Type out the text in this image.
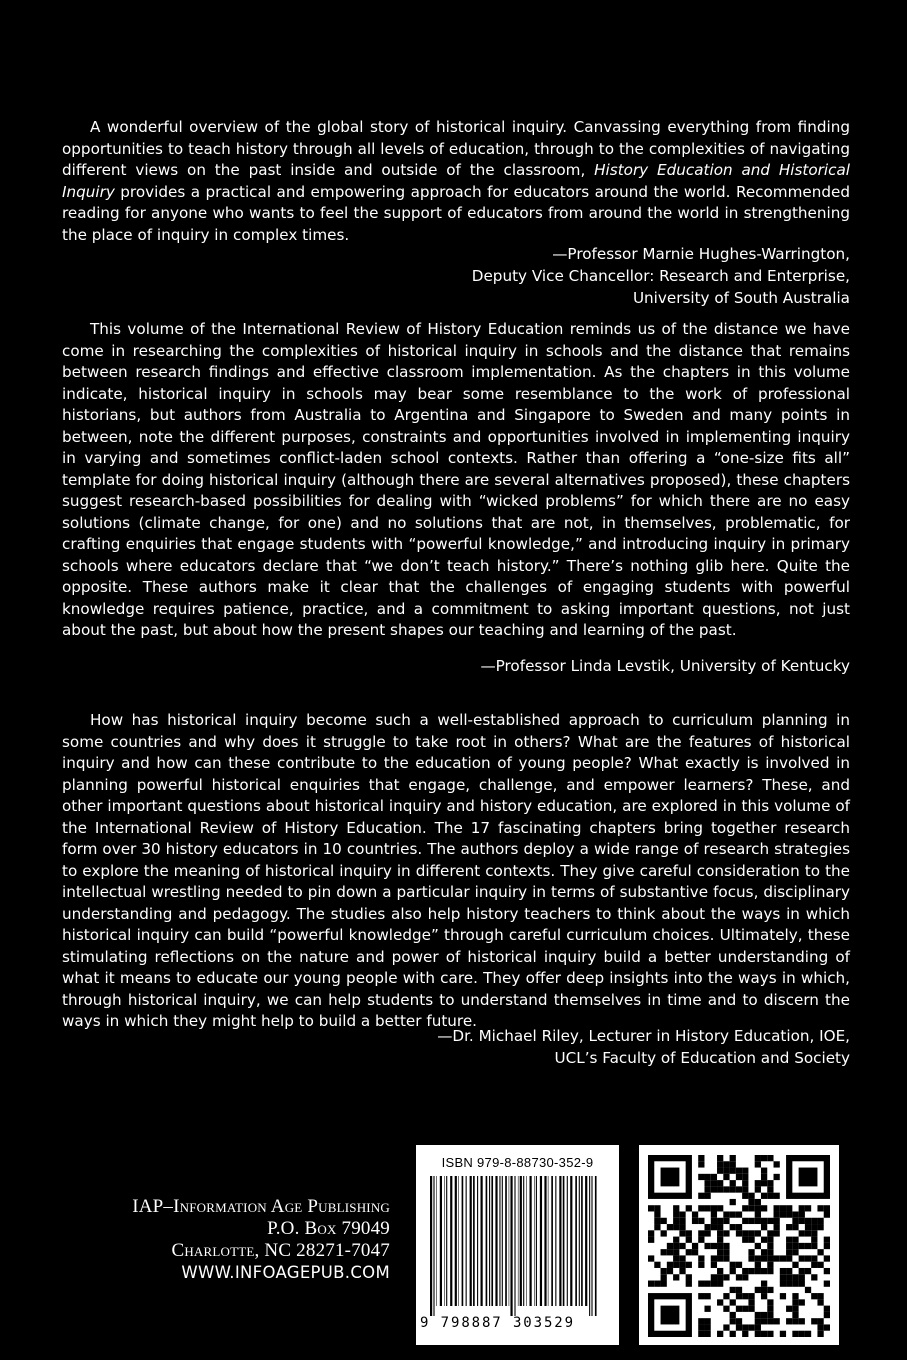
A wonderful overview of the global story of historical inquiry. Canvassing everything from finding opportunities to teach history through all levels of education, through to the complexities of navigating different views on the past inside and outside of the classroom, History Education and Historical Inquiry provides a practical and empowering approach for educators around the world. Recommended reading for anyone who wants to feel the support of educators from around the world in strengthening the place of inquiry in complex times.

—Professor Marnie Hughes-Warrington,
Deputy Vice Chancellor: Research and Enterprise,
University of South Australia

This volume of the International Review of History Education reminds us of the distance we have come in researching the complexities of historical inquiry in schools and the distance that remains between research findings and effective classroom implementation. As the chapters in this volume indicate, historical inquiry in schools may bear some resemblance to the work of professional historians, but authors from Australia to Argentina and Singapore to Sweden and many points in between, note the different purposes, constraints and opportunities involved in implementing inquiry in varying and sometimes conflict-laden school contexts. Rather than offering a “one-size fits all” template for doing historical inquiry (although there are several alternatives proposed), these chapters suggest research-based possibilities for dealing with “wicked problems” for which there are no easy solutions (climate change, for one) and no solutions that are not, in themselves, problematic, for crafting enquiries that engage students with “powerful knowledge,” and introducing inquiry in primary schools where educators declare that “we don’t teach history.” There’s nothing glib here. Quite the opposite. These authors make it clear that the challenges of engaging students with powerful knowledge requires patience, practice, and a commitment to asking important questions, not just about the past, but about how the present shapes our teaching and learning of the past.

—Professor Linda Levstik, University of Kentucky

How has historical inquiry become such a well-established approach to curriculum planning in some countries and why does it struggle to take root in others? What are the features of historical inquiry and how can these contribute to the education of young people? What exactly is involved in planning powerful historical enquiries that engage, challenge, and empower learners? These, and other important questions about historical inquiry and history education, are explored in this volume of the International Review of History Education. The 17 fascinating chapters bring together research form over 30 history educators in 10 countries. The authors deploy a wide range of research strategies to explore the meaning of historical inquiry in different contexts. They give careful consideration to the intellectual wrestling needed to pin down a particular inquiry in terms of substantive focus, disciplinary understanding and pedagogy. The studies also help history teachers to think about the ways in which historical inquiry can build “powerful knowledge” through careful curriculum choices. Ultimately, these stimulating reflections on the nature and power of historical inquiry build a better understanding of what it means to educate our young people with care. They offer deep insights into the ways in which, through historical inquiry, we can help students to understand themselves in time and to discern the ways in which they might help to build a better future.

—Dr. Michael Riley, Lecturer in History Education, IOE,
UCL’s Faculty of Education and Society
IAP–Information Age Publishing
P.O. Box 79049
Charlotte, NC 28271-7047
WWW.INFOAGEPUB.COM
ISBN 979-8-88730-352-9
9 798887 303529
